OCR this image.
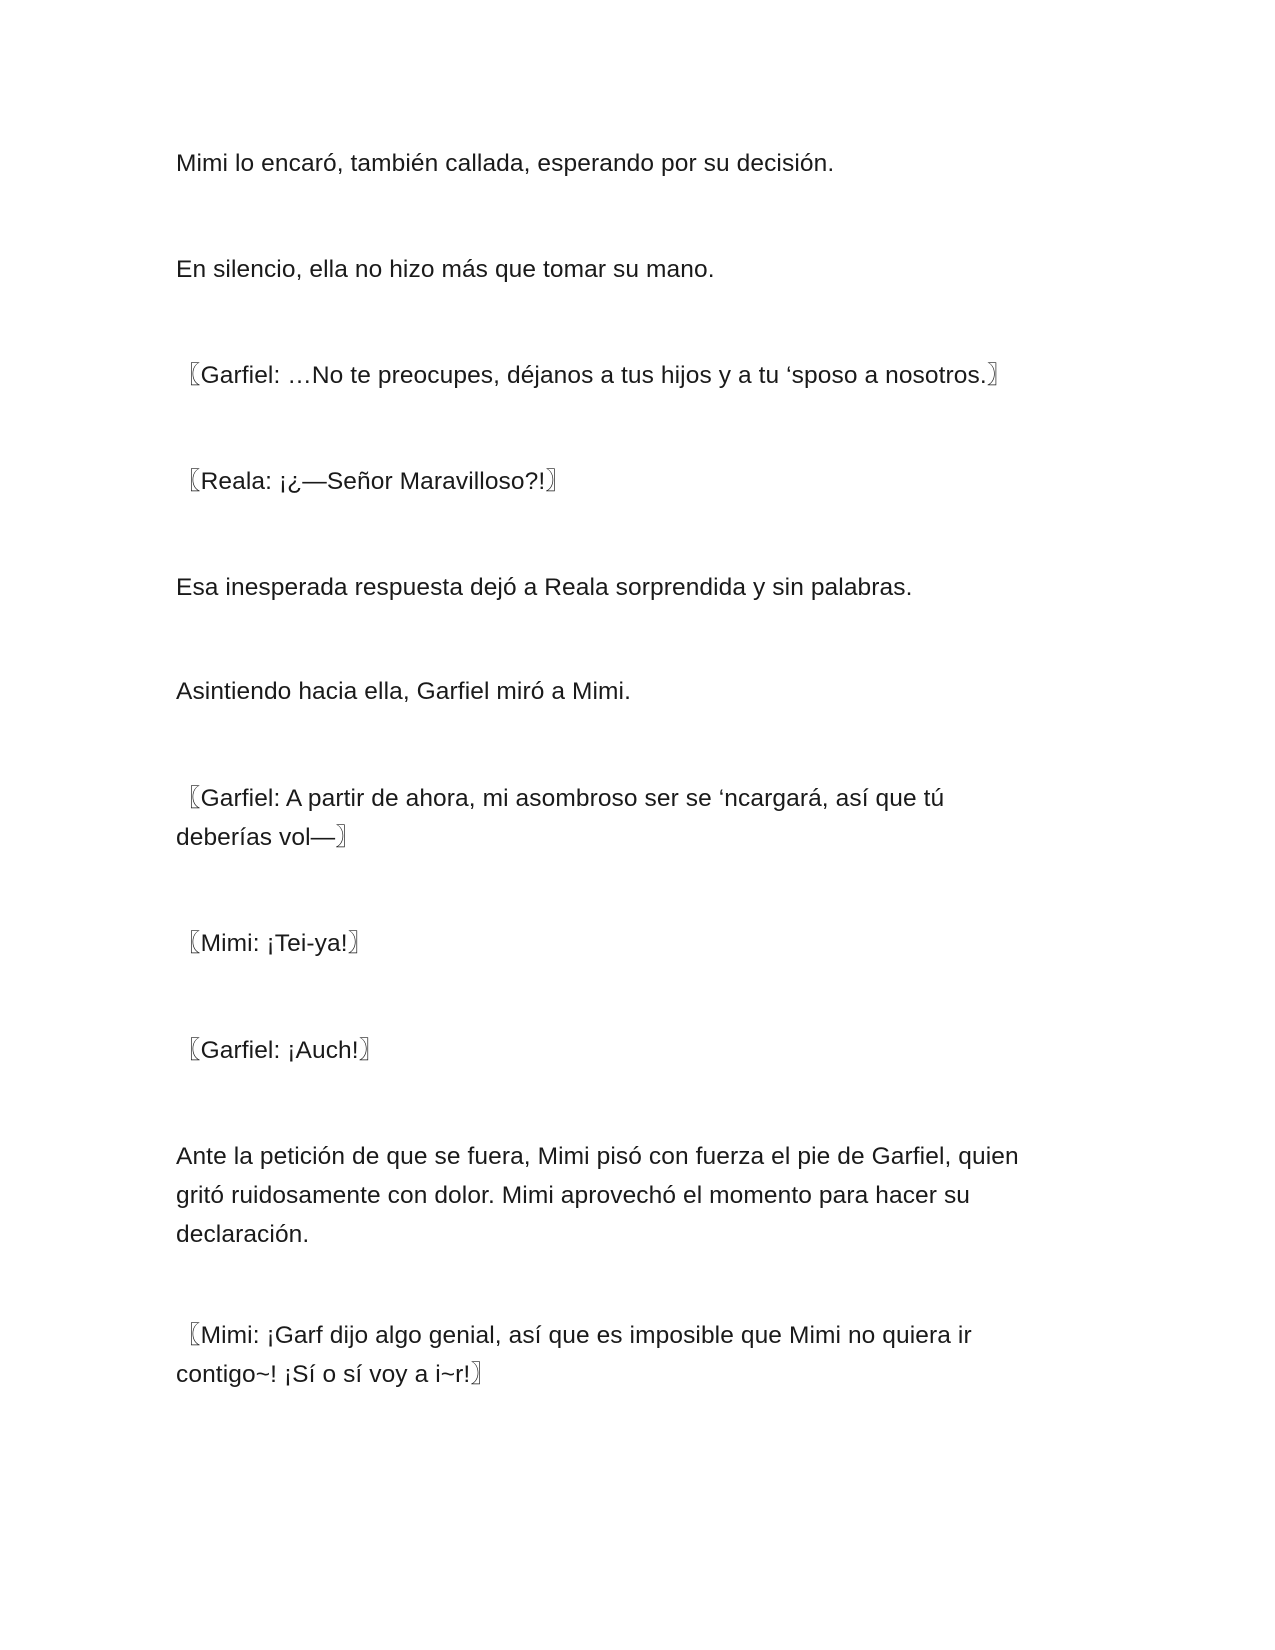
Mimi lo encaró, también callada, esperando por su decisión.

En silencio, ella no hizo más que tomar su mano.

〖Garfiel: …No te preocupes, déjanos a tus hijos y a tu ‘sposo a nosotros.〗

〖Reala: ¡¿—Señor Maravilloso?!〗

Esa inesperada respuesta dejó a Reala sorprendida y sin palabras.

Asintiendo hacia ella, Garfiel miró a Mimi.

〖Garfiel: A partir de ahora, mi asombroso ser se ‘ncargará, así que tú
deberías vol—〗

〖Mimi: ¡Tei-ya!〗

〖Garfiel: ¡Auch!〗

Ante la petición de que se fuera, Mimi pisó con fuerza el pie de Garfiel, quien
gritó ruidosamente con dolor. Mimi aprovechó el momento para hacer su
declaración.

〖Mimi: ¡Garf dijo algo genial, así que es imposible que Mimi no quiera ir
contigo~! ¡Sí o sí voy a i~r!〗
